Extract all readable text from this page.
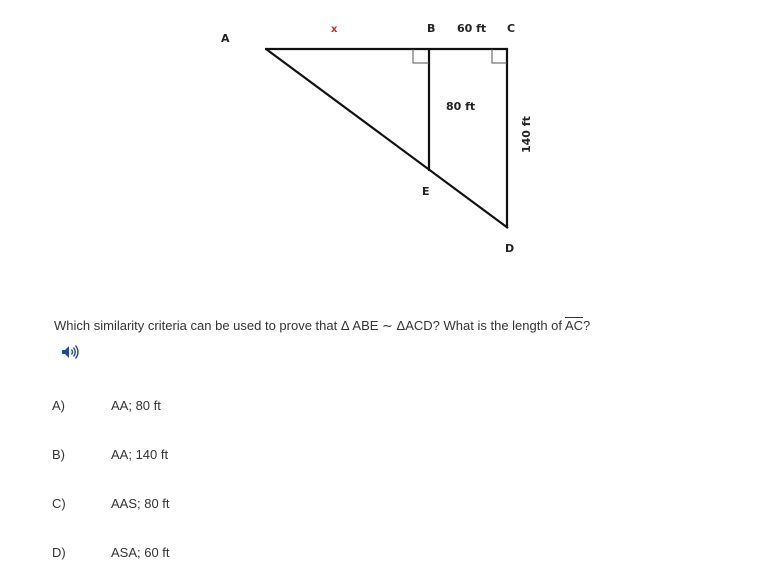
A
x	B 60 ft C
80 ft
140 ft
E
D
Which similarity criteria can be used to prove that Δ ABE ∼ ΔACD? What is the length of $\overline{AC}$?
A)	AA; 80 ft
B)	AA; 140 ft
C)	AAS; 80 ft
D)	ASA; 60 ft
